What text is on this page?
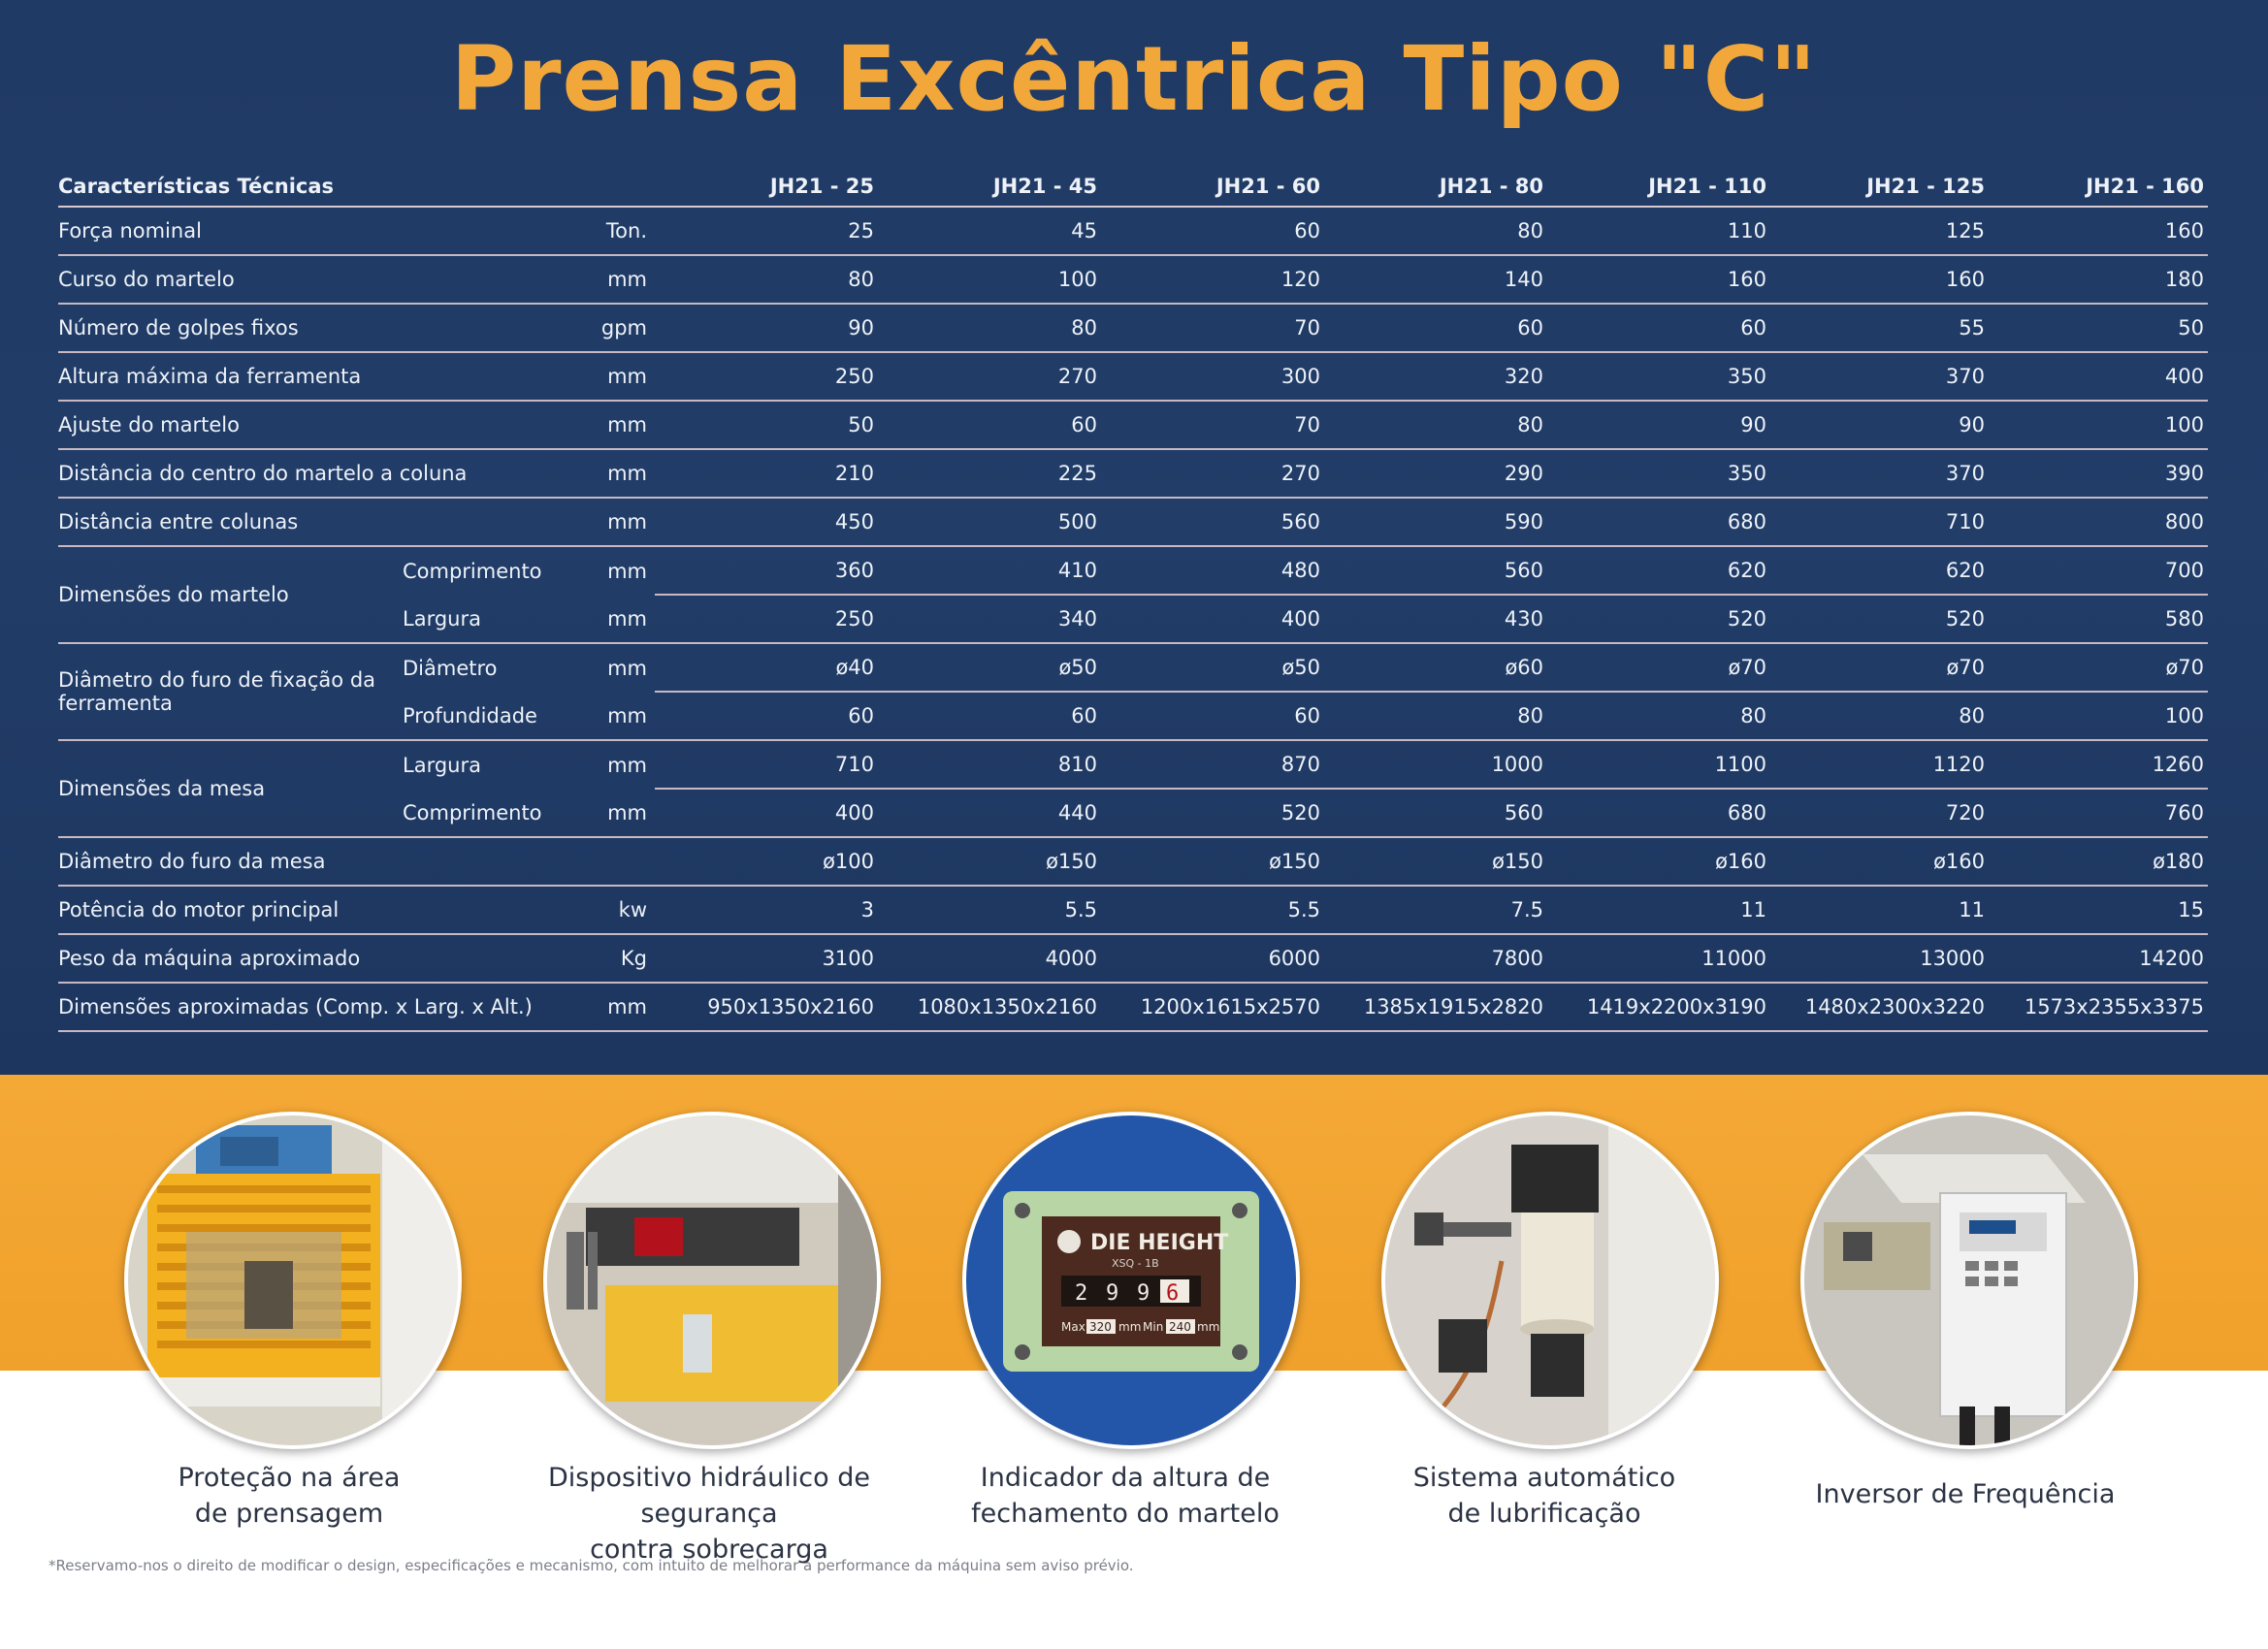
Prensa Excêntrica Tipo "C"
Características Técnicas			JH21 - 25	JH21 - 45	JH21 - 60	JH21 - 80	JH21 - 110	JH21 - 125	JH21 - 160
Força nominal		Ton.	25	45	60	80	110	125	160
Curso do martelo		mm	80	100	120	140	160	160	180
Número de golpes fixos		gpm	90	80	70	60	60	55	50
Altura máxima da ferramenta		mm	250	270	300	320	350	370	400
Ajuste do martelo		mm	50	60	70	80	90	90	100
Distância do centro do martelo a coluna		mm	210	225	270	290	350	370	390
Distância entre colunas		mm	450	500	560	590	680	710	800
Dimensões do martelo	Comprimento	mm	360	410	480	560	620	620	700
	Largura	mm	250	340	400	430	520	520	580
Diâmetro do furo de fixação da ferramenta	Diâmetro	mm	ø40	ø50	ø50	ø60	ø70	ø70	ø70
	Profundidade	mm	60	60	60	80	80	80	100
Dimensões da mesa	Largura	mm	710	810	870	1000	1100	1120	1260
	Comprimento	mm	400	440	520	560	680	720	760
Diâmetro do furo da mesa			ø100	ø150	ø150	ø150	ø160	ø160	ø180
Potência do motor principal		kw	3	5.5	5.5	7.5	11	11	15
Peso da máquina aproximado		Kg	3100	4000	6000	7800	11000	13000	14200
Dimensões aproximadas (Comp. x Larg. x Alt.)		mm	950x1350x2160	1080x1350x2160	1200x1615x2570	1385x1915x2820	1419x2200x3190	1480x2300x3220	1573x2355x3375
DIE HEIGHT
XSQ - 1B
2 9 9 6
Max 320 mm Min 240 mm
Proteção na área
de prensagem
Dispositivo hidráulico de segurança
contra sobrecarga
Indicador da altura de
fechamento do martelo
Sistema automático
de lubrificação
Inversor de Frequência
*Reservamo-nos o direito de modificar o design, especificações e mecanismo, com intuito de melhorar a performance da máquina sem aviso prévio.
